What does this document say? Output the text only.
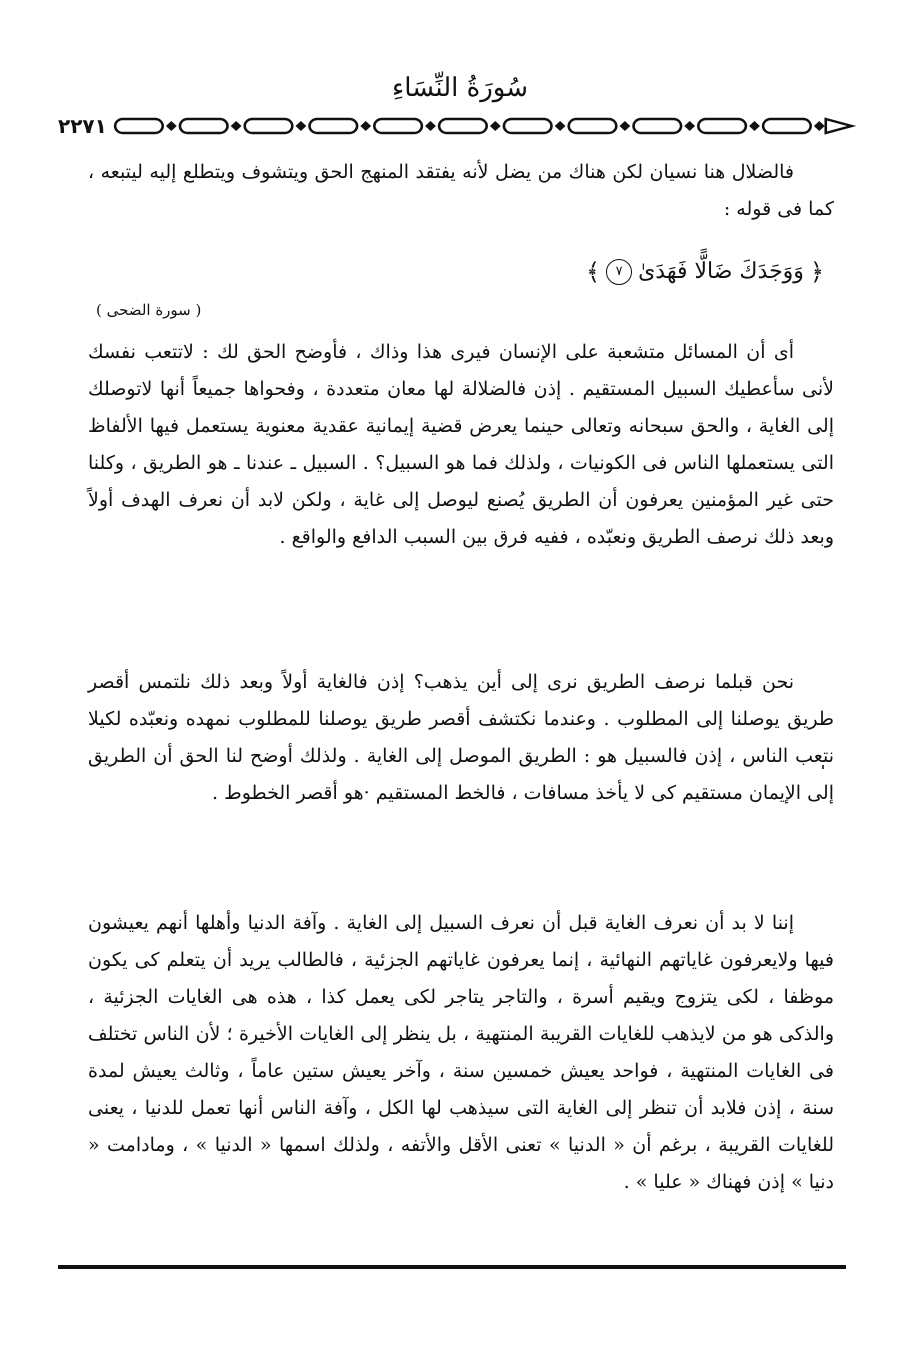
سُورَةُ النِّسَاءِ
٢٢٧١

فالضلال هنا نسيان لكن هناك من يضل لأنه يفتقد المنهج الحق ويتشوف ويتطلع إليه ليتبعه ، كما فى قوله :

﴿
وَوَجَدَكَ ضَالًّا فَهَدَىٰ
٧
﴾
( سورة الضحى )

أى أن المسائل متشعبة على الإنسان فيرى هذا وذاك ، فأوضح الحق لك : لاتتعب نفسك لأنى سأعطيك السبيل المستقيم . إذن فالضلالة لها معان متعددة ، وفحواها جميعاً أنها لاتوصلك إلى الغاية ، والحق سبحانه وتعالى حينما يعرض قضية إيمانية عقدية معنوية يستعمل فيها الألفاظ التى يستعملها الناس فى الكونيات ، ولذلك فما هو السبيل؟ . السبيل ـ عندنا ـ هو الطريق ، وكلنا حتى غير المؤمنين يعرفون أن الطريق يُصنع ليوصل إلى غاية ، ولكن لابد أن نعرف الهدف أولاً وبعد ذلك نرصف الطريق ونعبّده ، ففيه فرق بين السبب الدافع والواقع .

نحن قبلما نرصف الطريق نرى إلى أين يذهب؟ إذن فالغاية أولاً وبعد ذلك نلتمس أقصر طريق يوصلنا إلى المطلوب . وعندما نكتشف أقصر طريق يوصلنا للمطلوب نمهده ونعبّده لكيلا نتعب الناس ، إذن فالسبيل هو : الطريق الموصل إلى الغاية . ولذلك أوضح لنا الحق أن الطريق إلى الإيمان مستقيم كى لا يأخذ مسافات ، فالخط المستقيم ·هو أقصر الخطوط .

إننا لا بد أن نعرف الغاية قبل أن نعرف السبيل إلى الغاية . وآفة الدنيا وأهلها أنهم يعيشون فيها ولايعرفون غاياتهم النهائية ، إنما يعرفون غاياتهم الجزئية ، فالطالب يريد أن يتعلم كى يكون موظفا ، لكى يتزوج ويقيم أسرة ، والتاجر يتاجر لكى يعمل كذا ، هذه هى الغايات الجزئية ، والذكى هو من لايذهب للغايات القريبة المنتهية ، بل ينظر إلى الغايات الأخيرة ؛ لأن الناس تختلف فى الغايات المنتهية ، فواحد يعيش خمسين سنة ، وآخر يعيش ستين عاماً ، وثالث يعيش لمدة سنة ، إذن فلابد أن تنظر إلى الغاية التى سيذهب لها الكل ، وآفة الناس أنها تعمل للدنيا ، يعنى للغايات القريبة ، برغم أن « الدنيا » تعنى الأقل والأتفه ، ولذلك اسمها « الدنيا » ، ومادامت « دنيا » إذن فهناك « عليا » .
